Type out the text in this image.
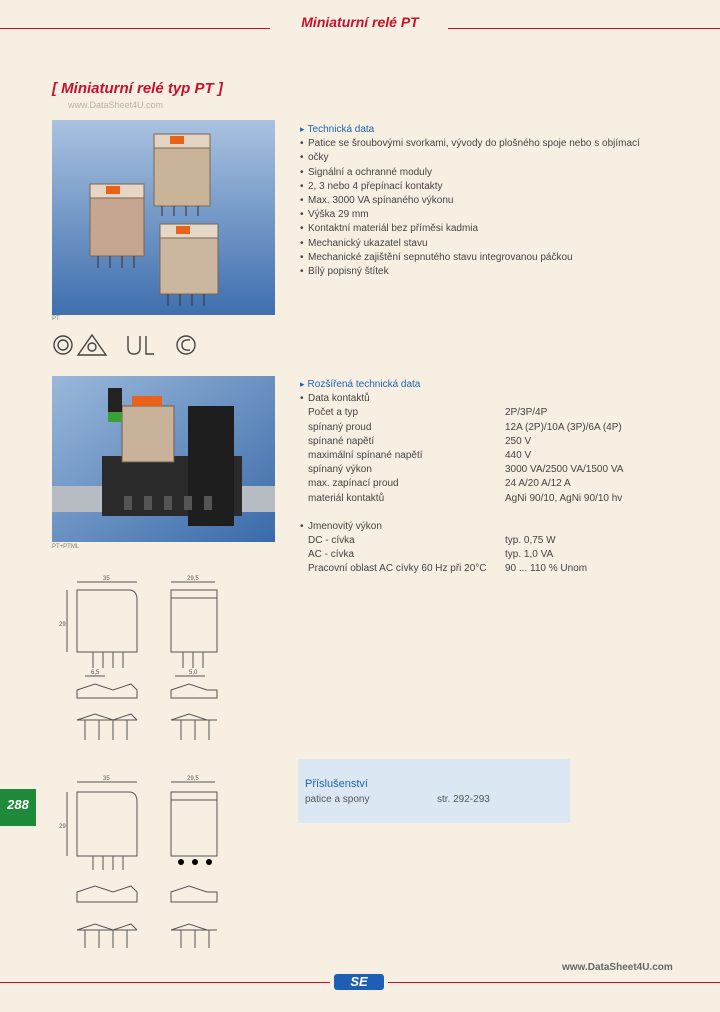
Miniaturní relé PT
[ Miniaturní relé typ PT ]
www.DataSheet4U.com
PT
PT+PTML
▸ Technická data
• Patice se šroubovými svorkami, vývody do plošného spoje nebo s objímací
• očky
• Signální a ochranné moduly
• 2, 3 nebo 4 přepínací kontakty
• Max. 3000 VA spínaného výkonu
• Výška 29 mm
• Kontaktní materiál bez příměsi kadmia
• Mechanický ukazatel stavu
• Mechanické zajištění sepnutého stavu integrovanou páčkou
• Bílý popisný štítek
▸ Rozšířená technická data
• Data kontaktů
Počet a typ	2P/3P/4P
spínaný proud	12A (2P)/10A (3P)/6A (4P)
spínané napětí	250 V
maximální spínané napětí	440 V
spínaný výkon	3000 VA/2500 VA/1500 VA
max. zapínací proud	24 A/20 A/12 A
materiál kontaktů	AgNi 90/10, AgNi 90/10 hv
• Jmenovitý výkon
DC - cívka	typ. 0,75 W
AC - cívka	typ. 1,0 VA
Pracovní oblast AC cívky 60 Hz při 20°C 90 ... 110 % Unom
35
29
6,5
29,5
5,0
35
29
29,5	Příslušenství
patice a spony	str. 292-293
288
www.DataSheet4U.com
SE
